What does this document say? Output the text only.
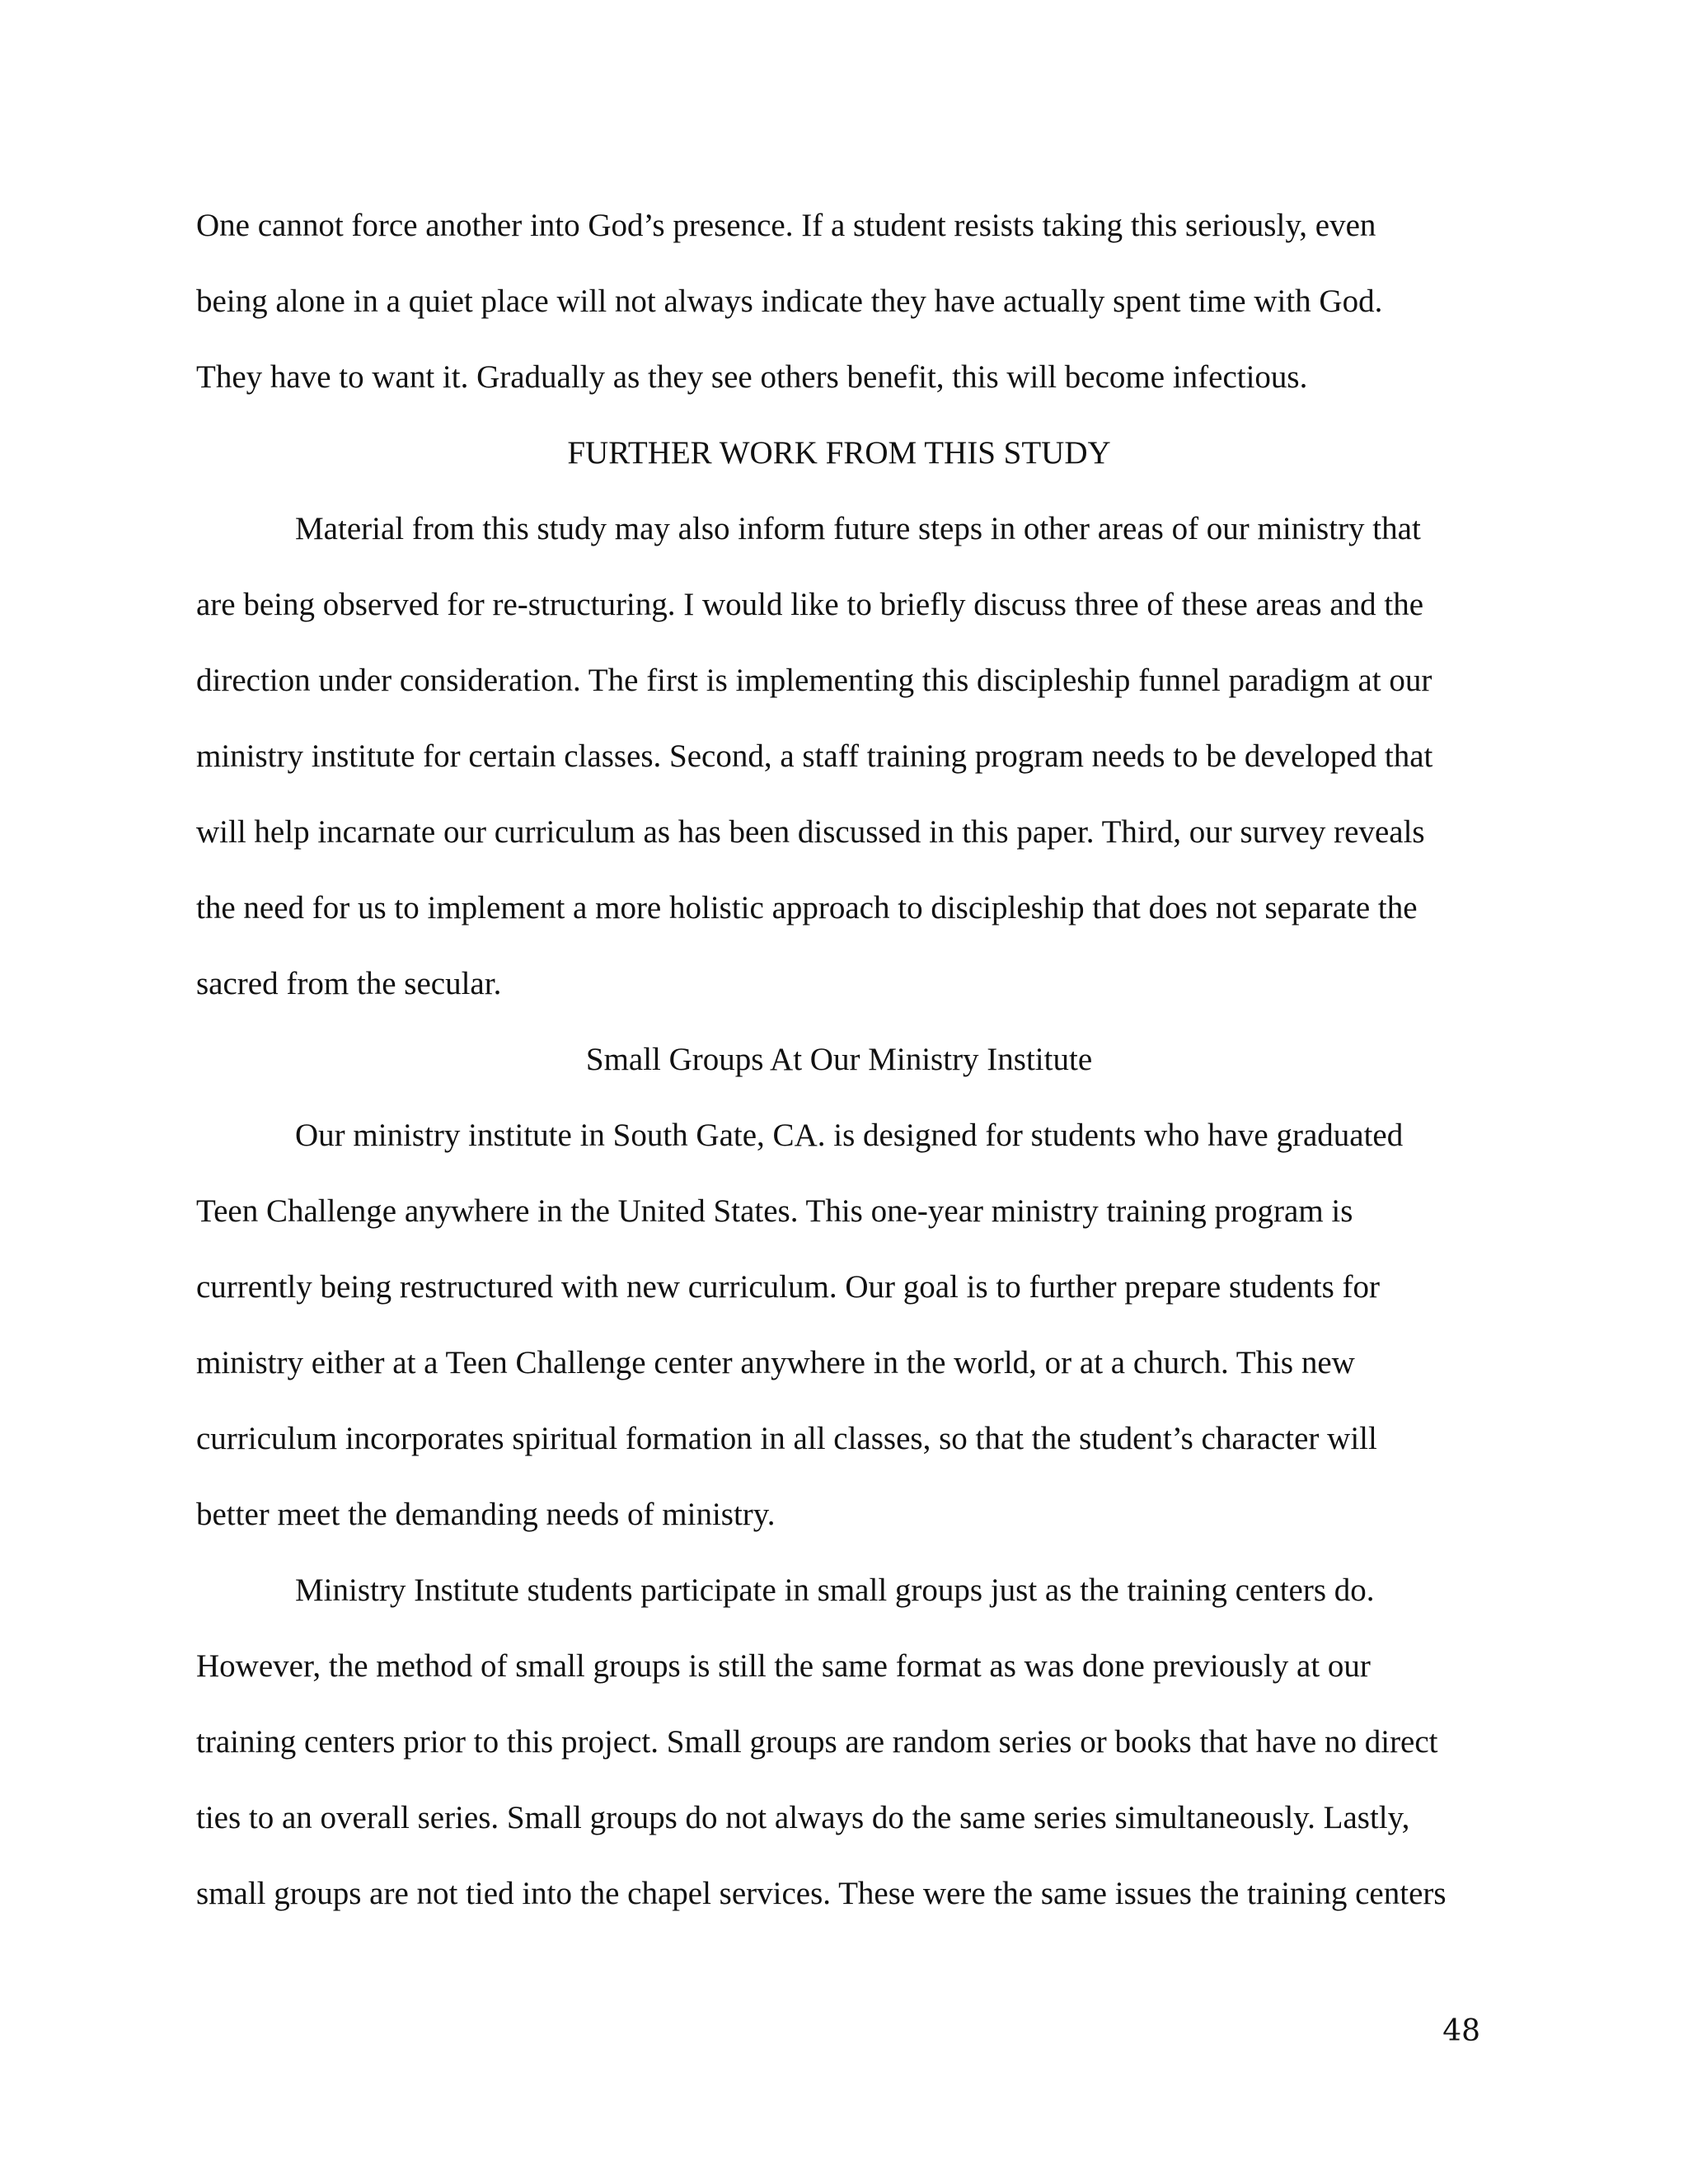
One cannot force another into God’s presence. If a student resists taking this seriously, even
being alone in a quiet place will not always indicate they have actually spent time with God.
They have to want it. Gradually as they see others benefit, this will become infectious.
FURTHER WORK FROM THIS STUDY
Material from this study may also inform future steps in other areas of our ministry that
are being observed for re-structuring. I would like to briefly discuss three of these areas and the
direction under consideration. The first is implementing this discipleship funnel paradigm at our
ministry institute for certain classes. Second, a staff training program needs to be developed that
will help incarnate our curriculum as has been discussed in this paper. Third, our survey reveals
the need for us to implement a more holistic approach to discipleship that does not separate the
sacred from the secular.
Small Groups At Our Ministry Institute
Our ministry institute in South Gate, CA. is designed for students who have graduated
Teen Challenge anywhere in the United States. This one-year ministry training program is
currently being restructured with new curriculum. Our goal is to further prepare students for
ministry either at a Teen Challenge center anywhere in the world, or at a church. This new
curriculum incorporates spiritual formation in all classes, so that the student’s character will
better meet the demanding needs of ministry.
Ministry Institute students participate in small groups just as the training centers do.
However, the method of small groups is still the same format as was done previously at our
training centers prior to this project. Small groups are random series or books that have no direct
ties to an overall series. Small groups do not always do the same series simultaneously. Lastly,
small groups are not tied into the chapel services. These were the same issues the training centers
48
